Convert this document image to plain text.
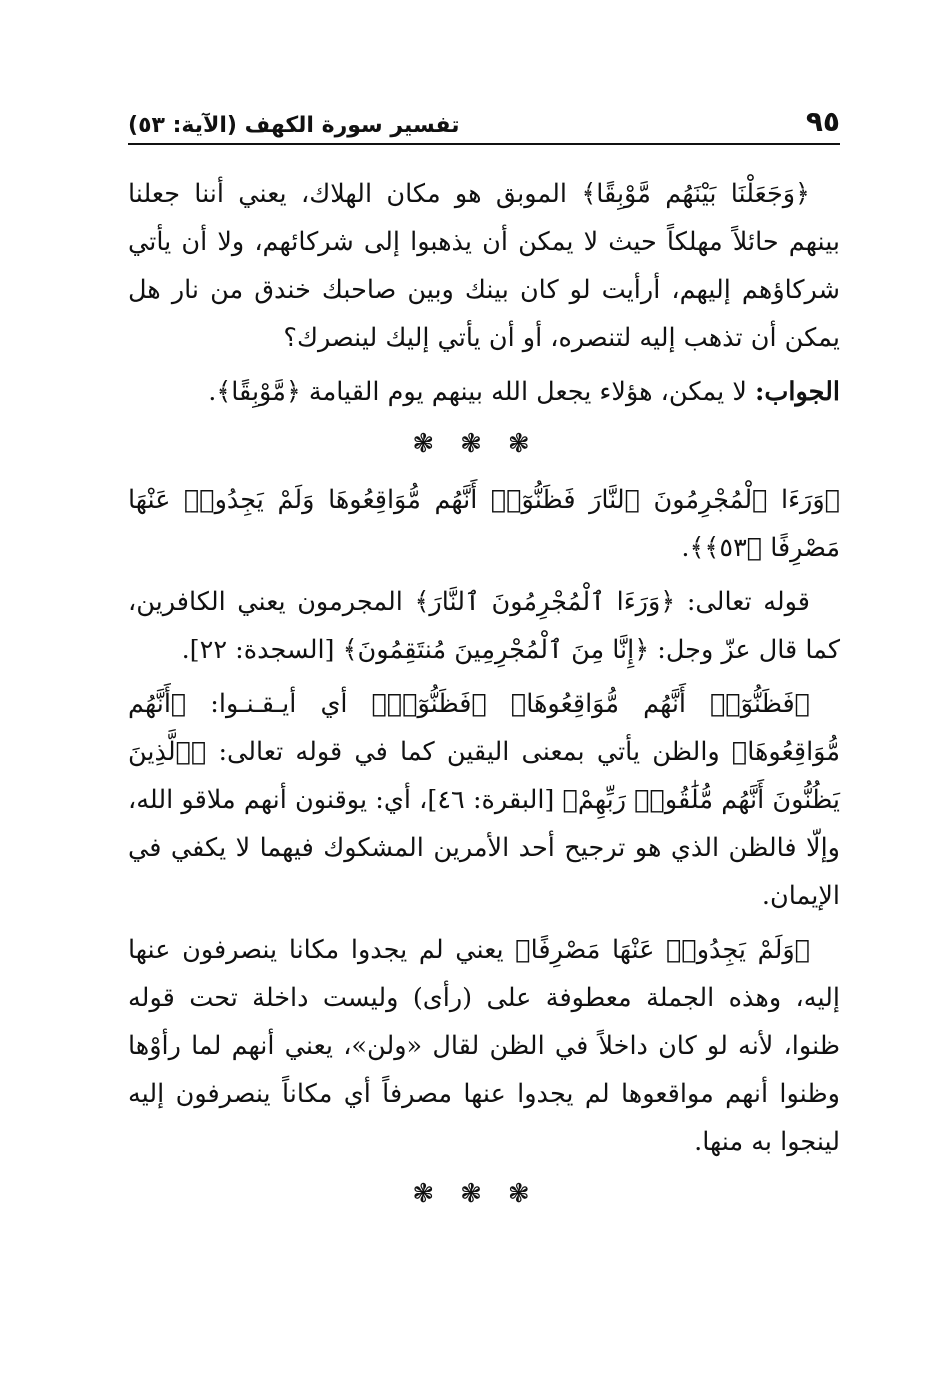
تفسير سورة الكهف (الآية: ٥٣)	٩٥

﴿وَجَعَلْنَا بَيْنَهُم مَّوْبِقًا﴾ الموبق هو مكان الهلاك، يعني أننا جعلنا بينهم حائلاً مهلكاً حيث لا يمكن أن يذهبوا إلى شركائهم، ولا أن يأتي شركاؤهم إليهم، أرأيت لو كان بينك وبين صاحبك خندق من نار هل يمكن أن تذهب إليه لتنصره، أو أن يأتي إليك لينصرك؟

الجواب: لا يمكن، هؤلاء يجعل الله بينهم يوم القيامة ﴿مَّوْبِقًا﴾.

❃❃❃

﴿وَرَءَا ٱلْمُجْرِمُونَ ٱلنَّارَ فَظَنُّوٓا۟ أَنَّهُم مُّوَاقِعُوهَا وَلَمْ يَجِدُوا۟ عَنْهَا مَصْرِفًا ﴿٥٣﴾﴾.

قوله تعالى: ﴿وَرَءَا ٱلْمُجْرِمُونَ ٱلنَّارَ﴾ المجرمون يعني الكافرين، كما قال عزّ وجل: ﴿إِنَّا مِنَ ٱلْمُجْرِمِينَ مُنتَقِمُونَ﴾ [السجدة: ٢٢].

﴿فَظَنُّوٓا۟ أَنَّهُم مُّوَاقِعُوهَا﴾ ﴿فَظَنُّوٓا۟﴾ أي أيـقـنـوا: ﴿أَنَّهُم مُّوَاقِعُوهَا﴾ والظن يأتي بمعنى اليقين كما في قوله تعالى: ﴿ٱلَّذِينَ يَظُنُّونَ أَنَّهُم مُّلَٰقُوا۟ رَبِّهِمْ﴾ [البقرة: ٤٦]، أي: يوقنون أنهم ملاقو الله، وإلّا فالظن الذي هو ترجيح أحد الأمرين المشكوك فيهما لا يكفي في الإيمان.

﴿وَلَمْ يَجِدُوا۟ عَنْهَا مَصْرِفًا﴾ يعني لم يجدوا مكانا ينصرفون عنها إليه، وهذه الجملة معطوفة على (رأى) وليست داخلة تحت قوله ظنوا، لأنه لو كان داخلاً في الظن لقال «ولن»، يعني أنهم لما رأوْها وظنوا أنهم مواقعوها لم يجدوا عنها مصرفاً أي مكاناً ينصرفون إليه لينجوا به منها.

❃❃❃
